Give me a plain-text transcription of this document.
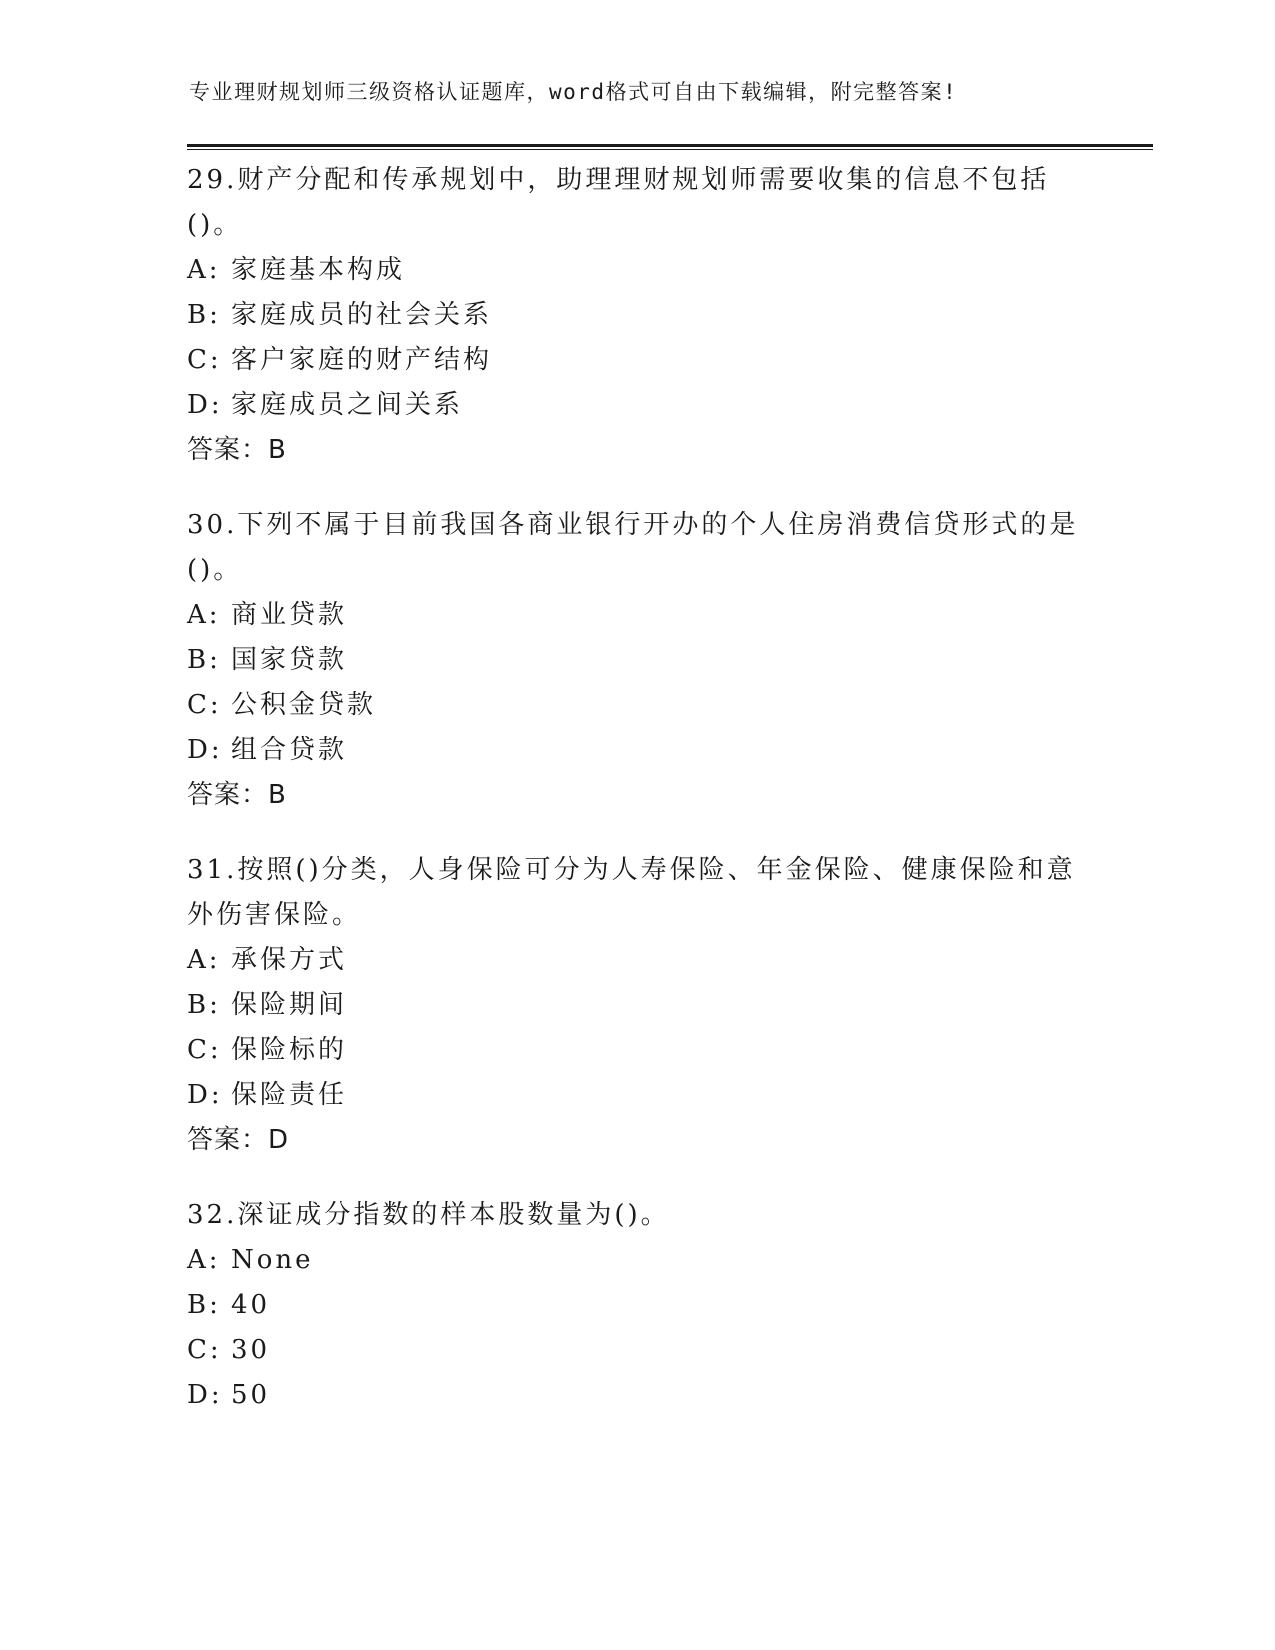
专业理财规划师三级资格认证题库，word格式可自由下载编辑，附完整答案!
29.财产分配和传承规划中，助理理财规划师需要收集的信息不包括()。
A: 家庭基本构成
B: 家庭成员的社会关系
C: 客户家庭的财产结构
D: 家庭成员之间关系
答案：B
30.下列不属于目前我国各商业银行开办的个人住房消费信贷形式的是()。
A: 商业贷款
B: 国家贷款
C: 公积金贷款
D: 组合贷款
答案：B
31.按照()分类，人身保险可分为人寿保险、年金保险、健康保险和意外伤害保险。
A: 承保方式
B: 保险期间
C: 保险标的
D: 保险责任
答案：D
32.深证成分指数的样本股数量为()。
A: None
B: 40
C: 30
D: 50
